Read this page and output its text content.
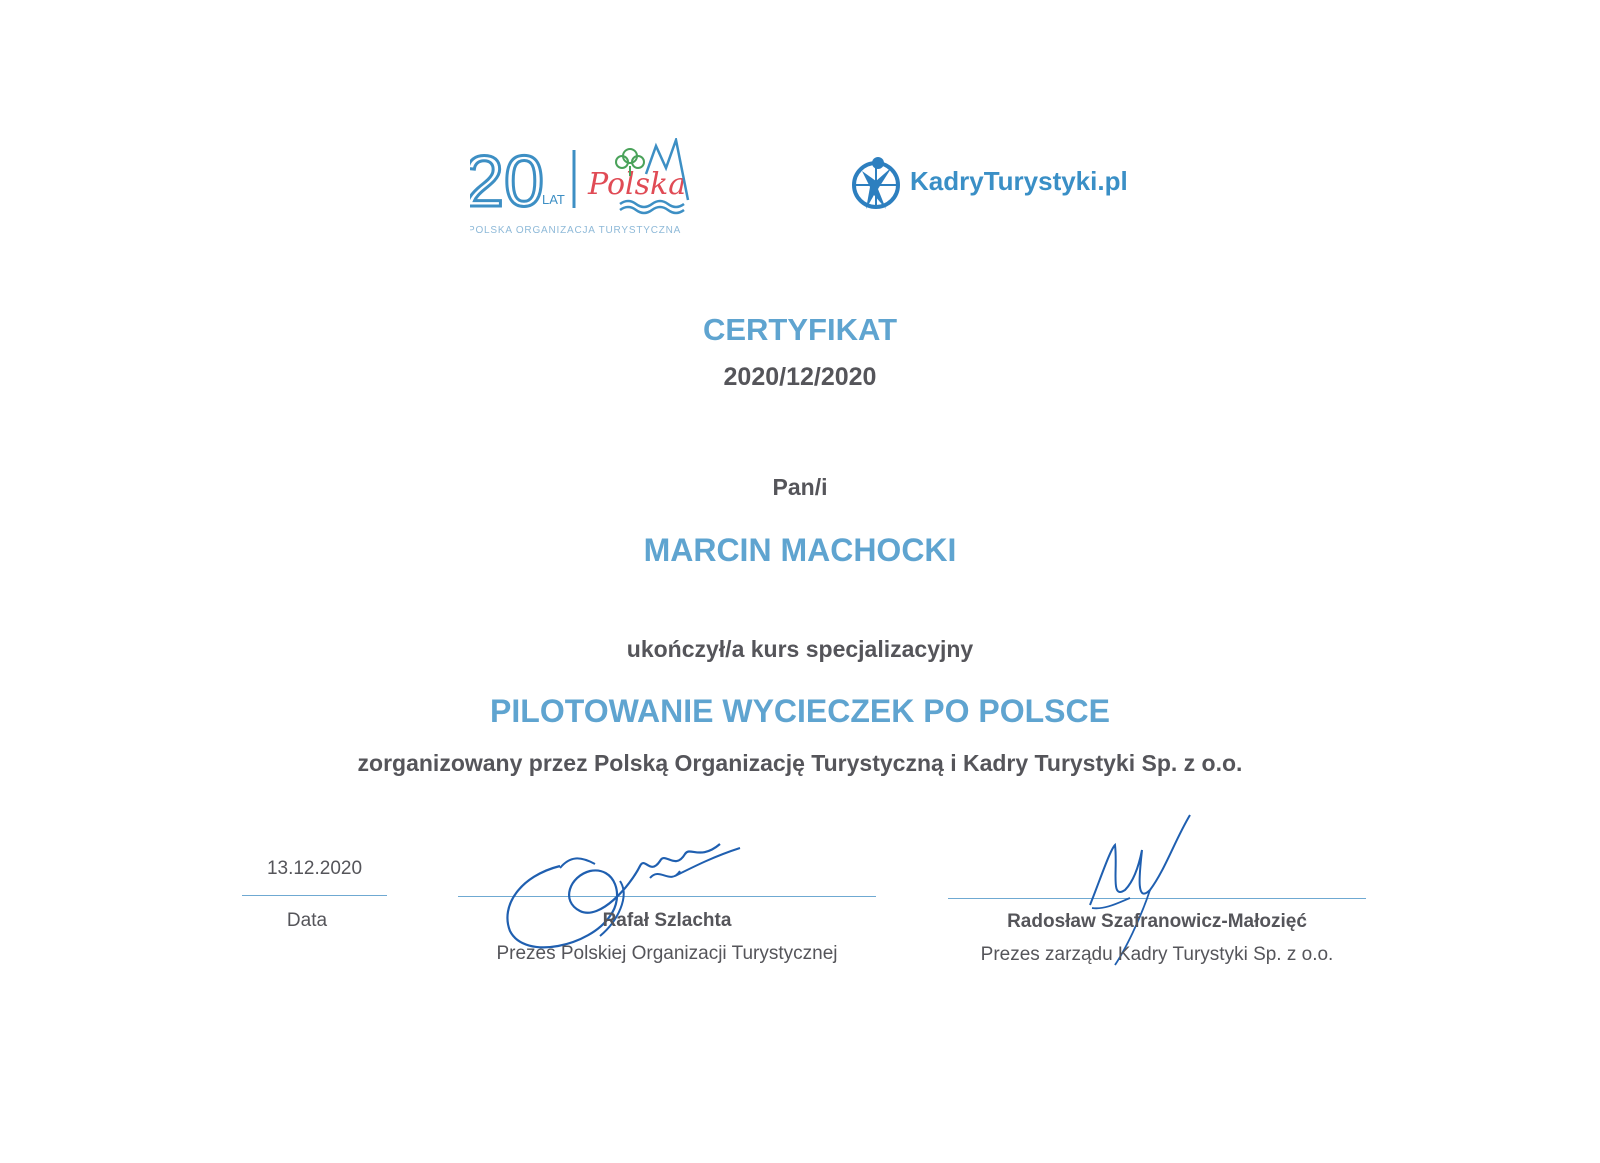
20
LAT Polska
POLSKA ORGANIZACJA TURYSTYCZNA
KadryTurystyki.pl
CERTYFIKAT
2020/12/2020
Pan/i
MARCIN MACHOCKI
ukończył/a kurs specjalizacyjny
PILOTOWANIE WYCIECZEK PO POLSCE
zorganizowany przez Polską Organizację Turystyczną i Kadry Turystyki Sp. z o.o.
13.12.2020
Data	Rafał Szlachta
Prezes Polskiej Organizacji Turystycznej
Radosław Szafranowicz-Małozięć
Prezes zarządu Kadry Turystyki Sp. z o.o.
